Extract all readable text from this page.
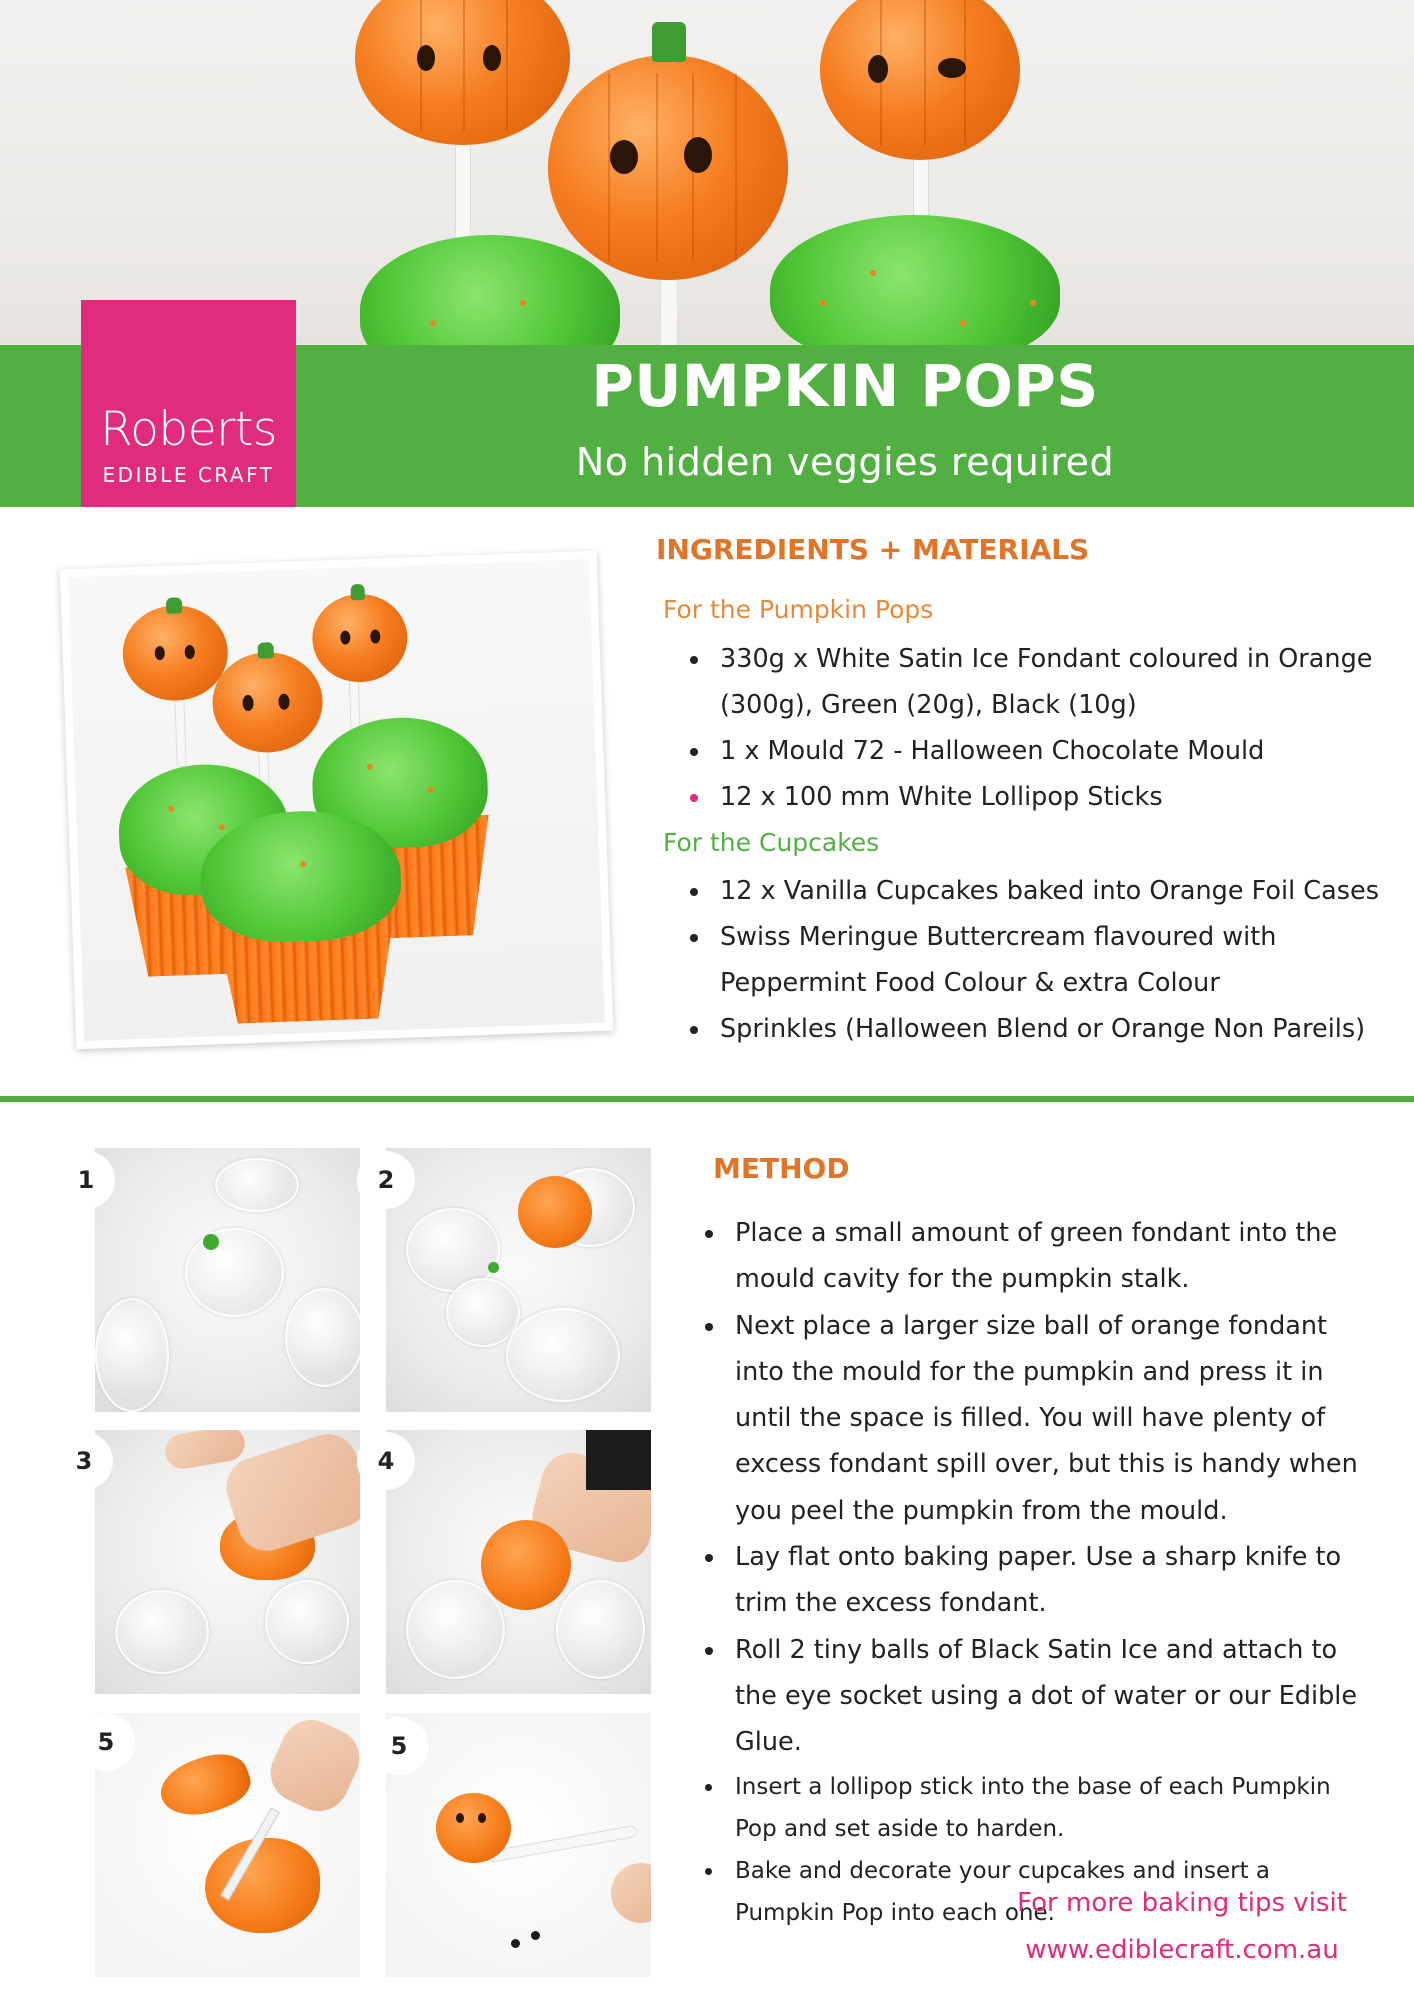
Roberts
EDIBLE CRAFT
PUMPKIN POPS
No hidden veggies required
INGREDIENTS + MATERIALS
For the Pumpkin Pops
330g x White Satin Ice Fondant coloured in Orange (300g), Green (20g), Black (10g)
1 x Mould 72 - Halloween Chocolate Mould
12 x 100 mm White Lollipop Sticks
For the Cupcakes
12 x Vanilla Cupcakes baked into Orange Foil Cases
Swiss Meringue Buttercream flavoured with Peppermint Food Colour & extra Colour
Sprinkles (Halloween Blend or Orange Non Pareils)
1	2
3	4
5	5
METHOD
Place a small amount of green fondant into the mould cavity for the pumpkin stalk.
Next place a larger size ball of orange fondant into the mould for the pumpkin and press it in until the space is filled. You will have plenty of excess fondant spill over, but this is handy when you peel the pumpkin from the mould.
Lay flat onto baking paper. Use a sharp knife to trim the excess fondant.
Roll 2 tiny balls of Black Satin Ice and attach to the eye socket using a dot of water or our Edible Glue.
Insert a lollipop stick into the base of each Pumpkin Pop and set aside to harden.
Bake and decorate your cupcakes and insert a Pumpkin Pop into each one.
For more baking tips visit
www.ediblecraft.com.au
